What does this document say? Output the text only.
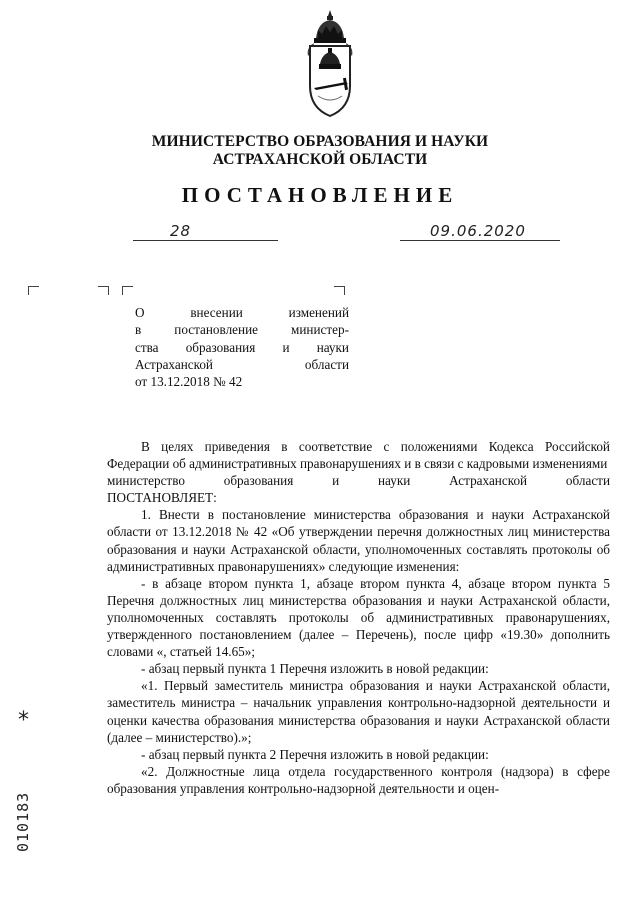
МИНИСТЕРСТВО ОБРАЗОВАНИЯ И НАУКИ
АСТРАХАНСКОЙ ОБЛАСТИ
ПОСТАНОВЛЕНИЕ
28	09.06.2020
О внесении изменений
в постановление министер-
ства образования и науки
Астраханской области
от 13.12.2018 № 42

В целях приведения в соответствие с положениями Кодекса Российской Федерации об административных правонарушениях и в связи с кадровыми изменениями

министерство образования и науки Астраханской области

ПОСТАНОВЛЯЕТ:

1. Внести в постановление министерства образования и науки Астраханской области от 13.12.2018 № 42 «Об утверждении перечня должностных лиц министерства образования и науки Астраханской области, уполномоченных составлять протоколы об административных правонарушениях» следующие изменения:

- в абзаце втором пункта 1, абзаце втором пункта 4, абзаце втором пункта 5 Перечня должностных лиц министерства образования и науки Астраханской области, уполномоченных составлять протоколы об административных правонарушениях, утвержденного постановлением (далее – Перечень), после цифр «19.30» дополнить словами «, статьей 14.65»;

- абзац первый пункта 1 Перечня изложить в новой редакции:

«1. Первый заместитель министра образования и науки Астраханской области, заместитель министра – начальник управления контрольно-надзорной деятельности и оценки качества образования министерства образования и науки Астраханской области (далее – министерство).»;

- абзац первый пункта 2 Перечня изложить в новой редакции:

«2. Должностные лица отдела государственного контроля (надзора) в сфере образования управления контрольно-надзорной деятельности и оцен-

*
010183
